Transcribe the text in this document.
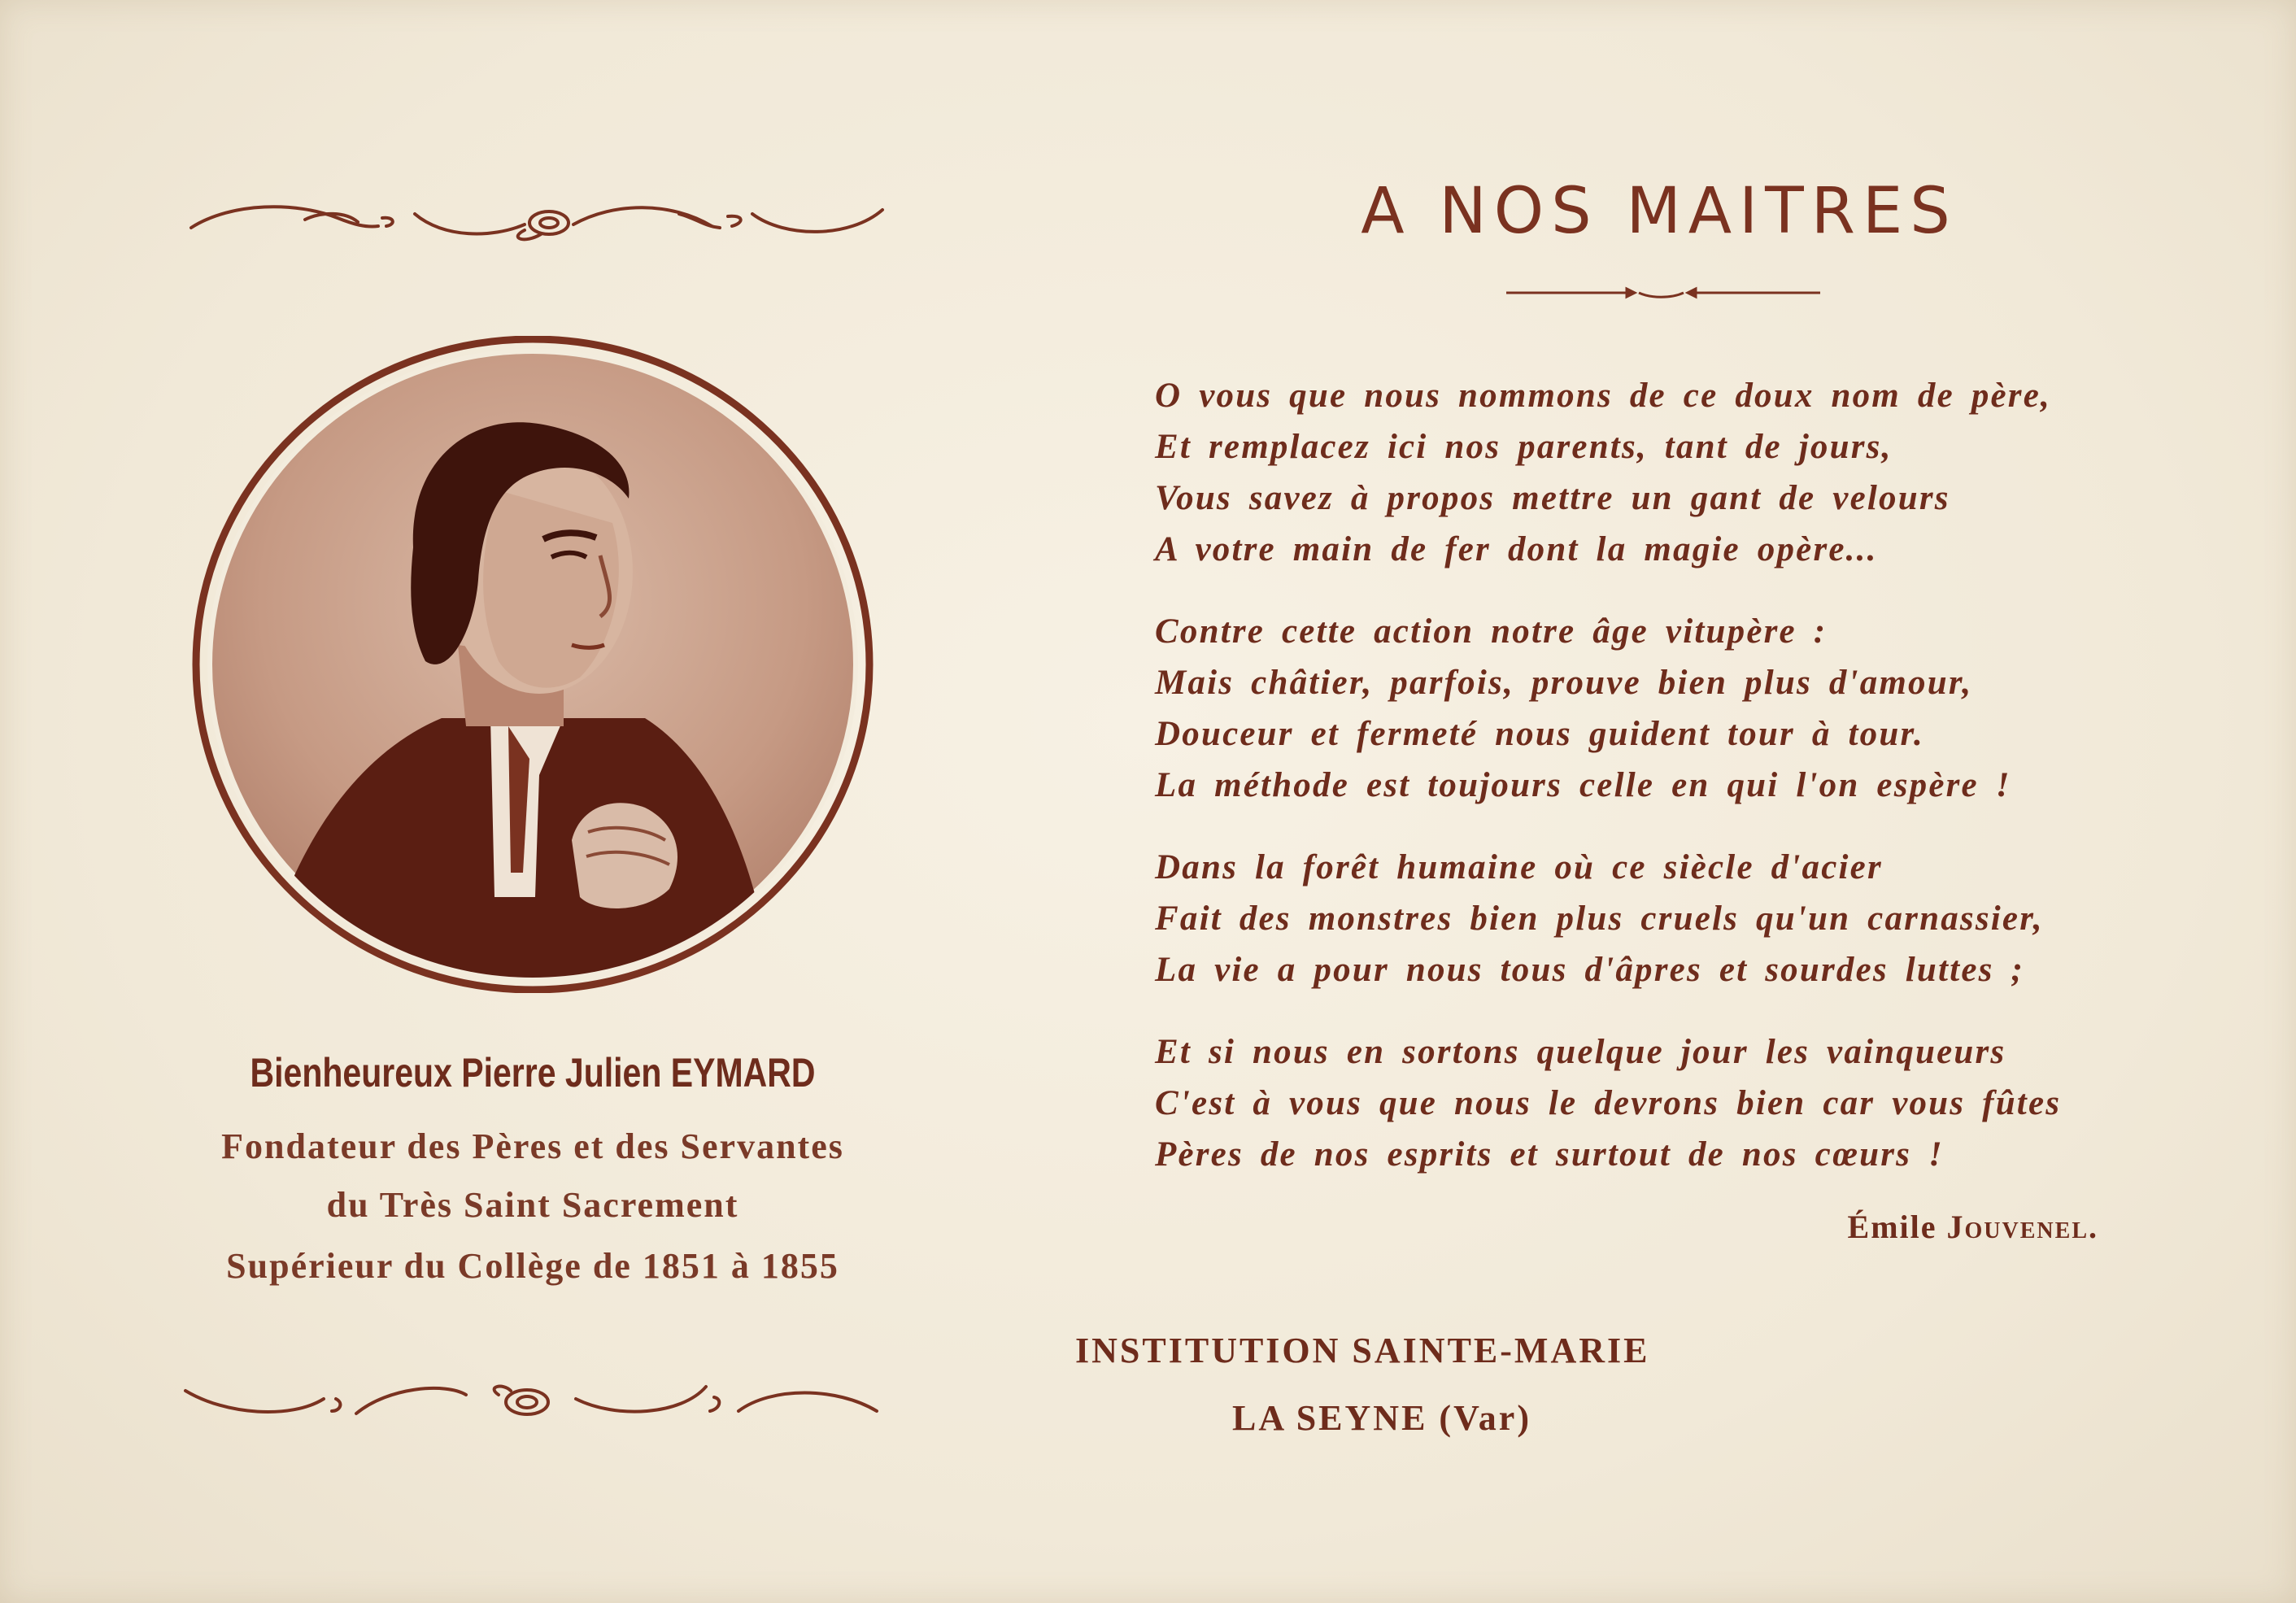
Bienheureux Pierre Julien EYMARD
Fondateur des Pères et des Servantes
du Très Saint Sacrement
Supérieur du Collège de 1851 à 1855
A NOS MAITRES
O vous que nous nommons de ce doux nom de père,
Et remplacez ici nos parents, tant de jours,
Vous savez à propos mettre un gant de velours
A votre main de fer dont la magie opère...
Contre cette action notre âge vitupère :
Mais châtier, parfois, prouve bien plus d'amour,
Douceur et fermeté nous guident tour à tour.
La méthode est toujours celle en qui l'on espère !
Dans la forêt humaine où ce siècle d'acier
Fait des monstres bien plus cruels qu'un carnassier,
La vie a pour nous tous d'âpres et sourdes luttes ;
Et si nous en sortons quelque jour les vainqueurs
C'est à vous que nous le devrons bien car vous fûtes
Pères de nos esprits et surtout de nos cœurs !
Émile Jouvenel.
INSTITUTION SAINTE-MARIE
LA SEYNE (Var)
